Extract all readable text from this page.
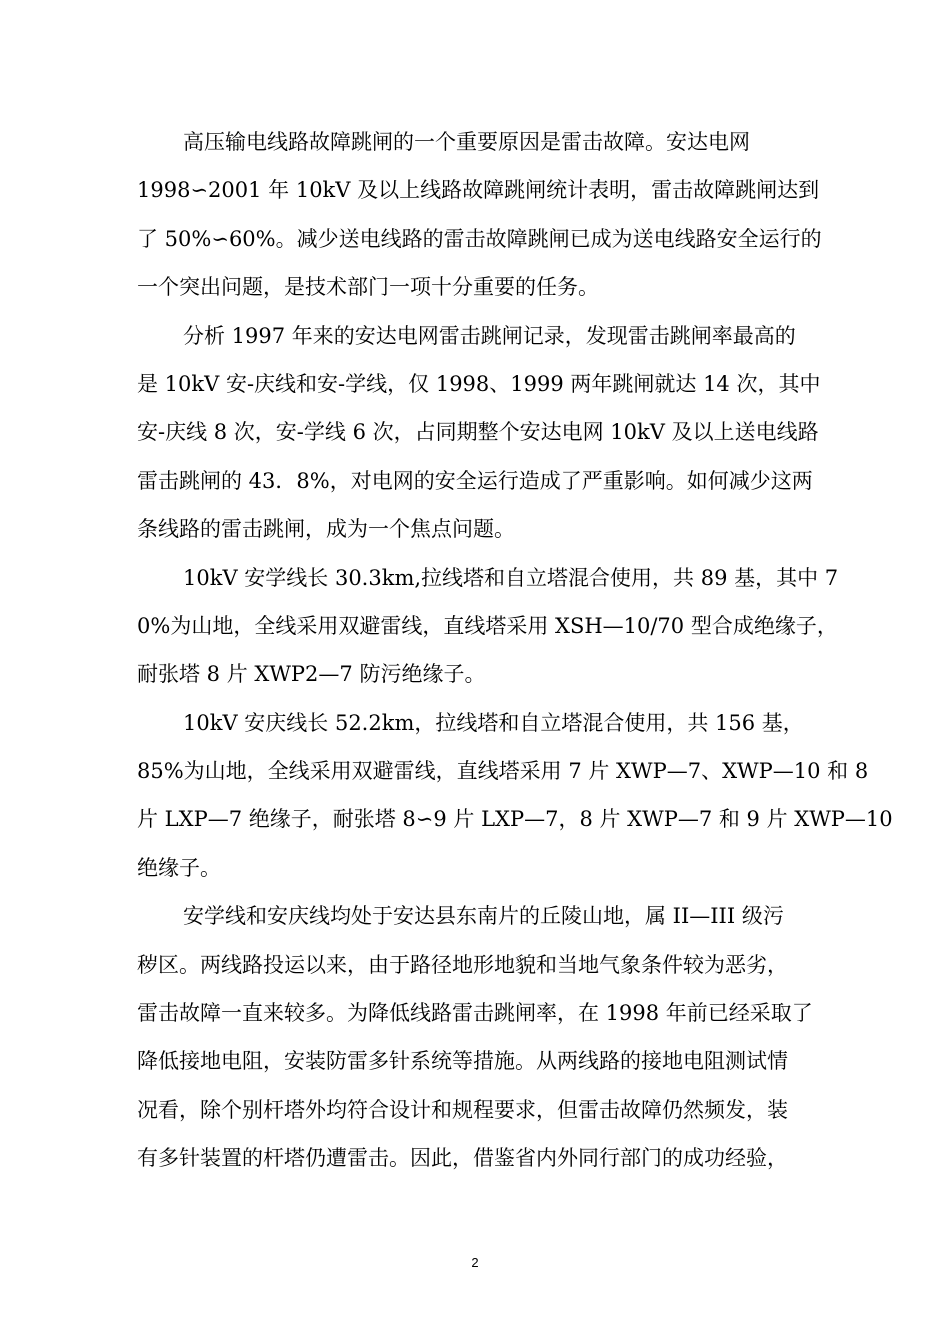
高压输电线路故障跳闸的一个重要原因是雷击故障。安达电网
1998∽2001 年 10kV 及以上线路故障跳闸统计表明，雷击故障跳闸达到
了 50%∽60%。减少送电线路的雷击故障跳闸已成为送电线路安全运行的
一个突出问题，是技术部门一项十分重要的任务。
分析 1997 年来的安达电网雷击跳闸记录，发现雷击跳闸率最高的
是 10kV 安-庆线和安-学线，仅 1998、1999 两年跳闸就达 14 次，其中
安-庆线 8 次，安-学线 6 次，占同期整个安达电网 10kV 及以上送电线路
雷击跳闸的 43．8%，对电网的安全运行造成了严重影响。如何减少这两
条线路的雷击跳闸，成为一个焦点问题。
10kV 安学线长 30.3km,拉线塔和自立塔混合使用，共 89 基，其中 7
0%为山地，全线采用双避雷线，直线塔采用 XSH—10/70 型合成绝缘子，
耐张塔 8 片 XWP2—7 防污绝缘子。
10kV 安庆线长 52.2km，拉线塔和自立塔混合使用，共 156 基，
85%为山地，全线采用双避雷线，直线塔采用 7 片 XWP—7、XWP—10 和 8
片 LXP—7 绝缘子，耐张塔 8∽9 片 LXP—7，8 片 XWP—7 和 9 片 XWP—10
绝缘子。
安学线和安庆线均处于安达县东南片的丘陵山地，属 II—III 级污
秽区。两线路投运以来，由于路径地形地貌和当地气象条件较为恶劣，
雷击故障一直来较多。为降低线路雷击跳闸率，在 1998 年前已经采取了
降低接地电阻，安装防雷多针系统等措施。从两线路的接地电阻测试情
况看，除个别杆塔外均符合设计和规程要求，但雷击故障仍然频发，装
有多针装置的杆塔仍遭雷击。因此，借鉴省内外同行部门的成功经验，
2
